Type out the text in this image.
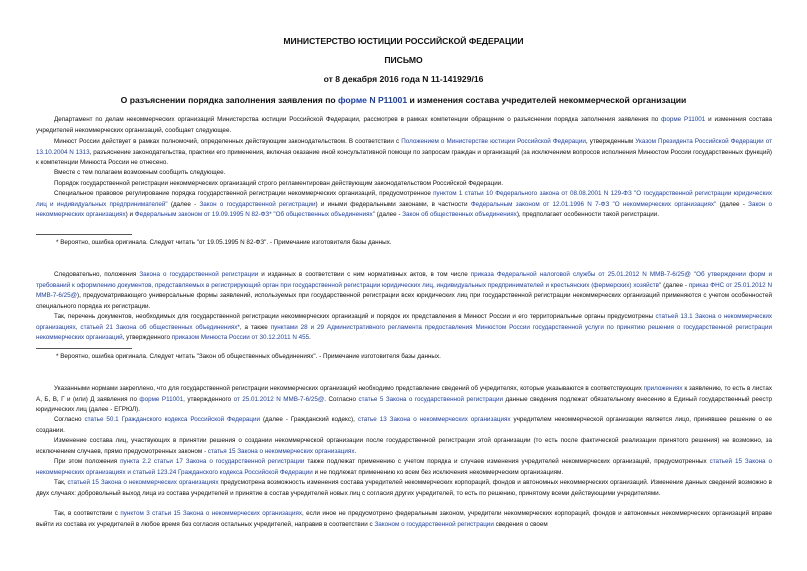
МИНИСТЕРСТВО ЮСТИЦИИ РОССИЙСКОЙ ФЕДЕРАЦИИ
ПИСЬМО
от 8 декабря 2016 года N 11-141929/16
О разъяснении порядка заполнения заявления по форме N Р11001 и изменения состава учредителей некоммерческой организации

Департамент по делам некоммерческих организаций Министерства юстиции Российской Федерации, рассмотрев в рамках компетенции обращение о разъяснении порядка заполнения заявления по форме Р11001 и изменения состава учредителей некоммерческих организаций, сообщает следующее.

Минюст России действует в рамках полномочий, определенных действующим законодательством. В соответствии с Положением о Министерстве юстиции Российской Федерации, утвержденным Указом Президента Российской Федерации от 13.10.2004 N 1313, разъяснение законодательства, практики его применения, включая оказание иной консультативной помощи по запросам граждан и организаций (за исключением вопросов исполнения Минюстом России государственных функций) к компетенции Минюста России не отнесено.

Вместе с тем полагаем возможным сообщить следующее.

Порядок государственной регистрации некоммерческих организаций строго регламентирован действующим законодательством Российской Федерации.

Специальное правовое регулирование порядка государственной регистрации некоммерческих организаций, предусмотренное пунктом 1 статьи 10 Федерального закона от 08.08.2001 N 129-ФЗ "О государственной регистрации юридических лиц и индивидуальных предпринимателей" (далее - Закон о государственной регистрации) и иными федеральными законами, в частности Федеральным законом от 12.01.1996 N 7-ФЗ "О некоммерческих организациях" (далее - Закон о некоммерческих организациях) и Федеральным законом от 19.09.1995 N 82-ФЗ* "Об общественных объединениях" (далее - Закон об общественных объединениях), предполагает особенности такой регистрации.

* Вероятно, ошибка оригинала. Следует читать "от 19.05.1995 N 82-ФЗ". - Примечание изготовителя базы данных.

Следовательно, положения Закона о государственной регистрации и изданных в соответствии с ним нормативных актов, в том числе приказа Федеральной налоговой службы от 25.01.2012 N ММВ-7-6/25@ "Об утверждении форм и требований к оформлению документов, представляемых в регистрирующий орган при государственной регистрации юридических лиц, индивидуальных предпринимателей и крестьянских (фермерских) хозяйств" (далее - приказ ФНС от 25.01.2012 N ММВ-7-6/25@), предусматривающего универсальные формы заявлений, используемых при государственной регистрации всех юридических лиц при государственной регистрации некоммерческих организаций применяются с учетом особенностей специального порядка их регистрации.

Так, перечень документов, необходимых для государственной регистрации некоммерческих организаций и порядок их представления в Минюст России и его территориальные органы предусмотрены статьей 13.1 Закона о некоммерческих организациях, статьей 21 Закона об общественных объединениях*, а также пунктами 28 и 29 Административного регламента предоставления Минюстом России государственной услуги по принятию решения о государственной регистрации некоммерческих организаций, утвержденного приказом Минюста России от 30.12.2011 N 455.

* Вероятно, ошибка оригинала. Следует читать "Закон об общественных объединениях". - Примечание изготовителя базы данных.

Указанными нормами закреплено, что для государственной регистрации некоммерческих организаций необходимо представление сведений об учредителях, которые указываются в соответствующих приложениях к заявлению, то есть в листах А, Б, В, Г и (или) Д заявления по форме Р11001, утвержденного от 25.01.2012 N ММВ-7-6/25@. Согласно статье 5 Закона о государственной регистрации данные сведения подлежат обязательному внесению в Единый государственный реестр юридических лиц (далее - ЕГРЮЛ).

Согласно статье 50.1 Гражданского кодекса Российской Федерации (далее - Гражданский кодекс), статье 13 Закона о некоммерческих организациях учредителем некоммерческой организации является лицо, принявшее решение о ее создании.

Изменение состава лиц, участвующих в принятии решения о создании некоммерческой организации после государственной регистрации этой организации (то есть после фактической реализации принятого решения) не возможно, за исключением случаев, прямо предусмотренных законом - статья 15 Закона о некоммерческих организациях.

При этом положения пункта 2.2 статьи 17 Закона о государственной регистрации также подлежат применению с учетом порядка и случаев изменения учредителей некоммерческих организаций, предусмотренных статьей 15 Закона о некоммерческих организациях и статьей 123.24 Гражданского кодекса Российской Федерации и не подлежат применению ко всем без исключения некоммерческим организациям.

Так, статьей 15 Закона о некоммерческих организациях предусмотрена возможность изменения состава учредителей некоммерческих корпораций, фондов и автономных некоммерческих организаций. Изменение данных сведений возможно в двух случаях: добровольный выход лица из состава учредителей и принятие в состав учредителей новых лиц с согласия других учредителей, то есть по решению, принятому всеми действующими учредителями.

Так, в соответствии с пунктом 3 статьи 15 Закона о некоммерческих организациях, если иное не предусмотрено федеральным законом, учредители некоммерческих корпораций, фондов и автономных некоммерческих организаций вправе выйти из состава их учредителей в любое время без согласия остальных учредителей, направив в соответствии с Законом о государственной регистрации сведения о своем
